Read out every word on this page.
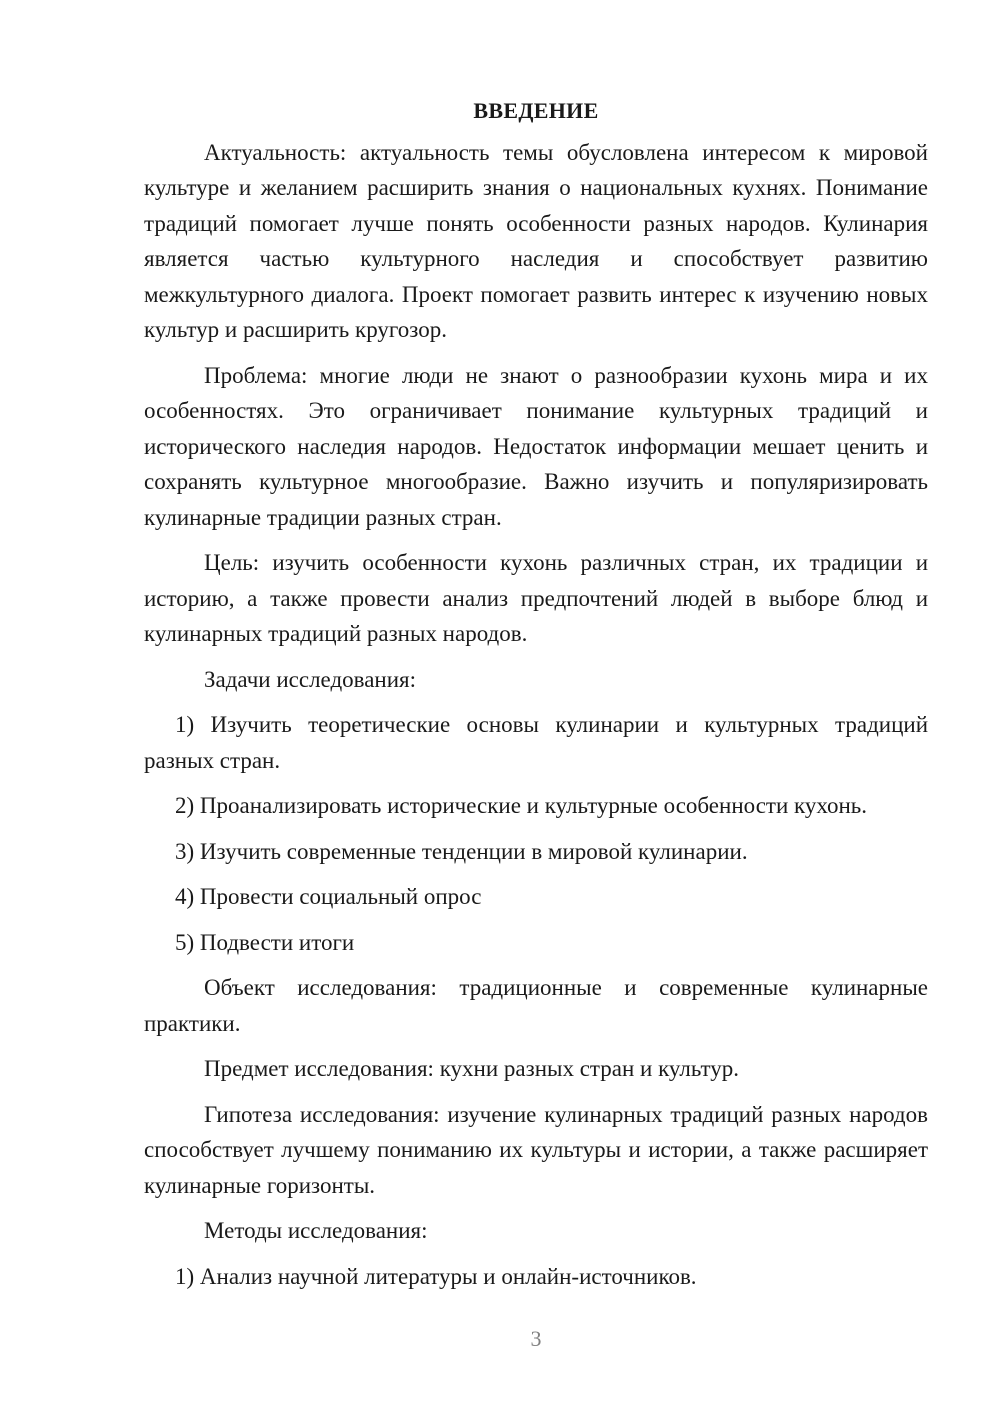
ВВЕДЕНИЕ

Актуальность: актуальность темы обусловлена интересом к мировой культуре и желанием расширить знания о национальных кухнях. Понимание традиций помогает лучше понять особенности разных народов. Кулинария является частью культурного наследия и способствует развитию межкультурного диалога. Проект помогает развить интерес к изучению новых культур и расширить кругозор.

Проблема: многие люди не знают о разнообразии кухонь мира и их особенностях. Это ограничивает понимание культурных традиций и исторического наследия народов. Недостаток информации мешает ценить и сохранять культурное многообразие. Важно изучить и популяризировать кулинарные традиции разных стран.

Цель: изучить особенности кухонь различных стран, их традиции и историю, а также провести анализ предпочтений людей в выборе блюд и кулинарных традиций разных народов.

Задачи исследования:

1) Изучить теоретические основы кулинарии и культурных традиций разных стран.

2) Проанализировать исторические и культурные особенности кухонь.

3) Изучить современные тенденции в мировой кулинарии.

4) Провести социальный опрос

5) Подвести итоги

Объект исследования: традиционные и современные кулинарные практики.

Предмет исследования: кухни разных стран и культур.

Гипотеза исследования: изучение кулинарных традиций разных народов способствует лучшему пониманию их культуры и истории, а также расширяет кулинарные горизонты.

Методы исследования:

1) Анализ научной литературы и онлайн-источников.

3
